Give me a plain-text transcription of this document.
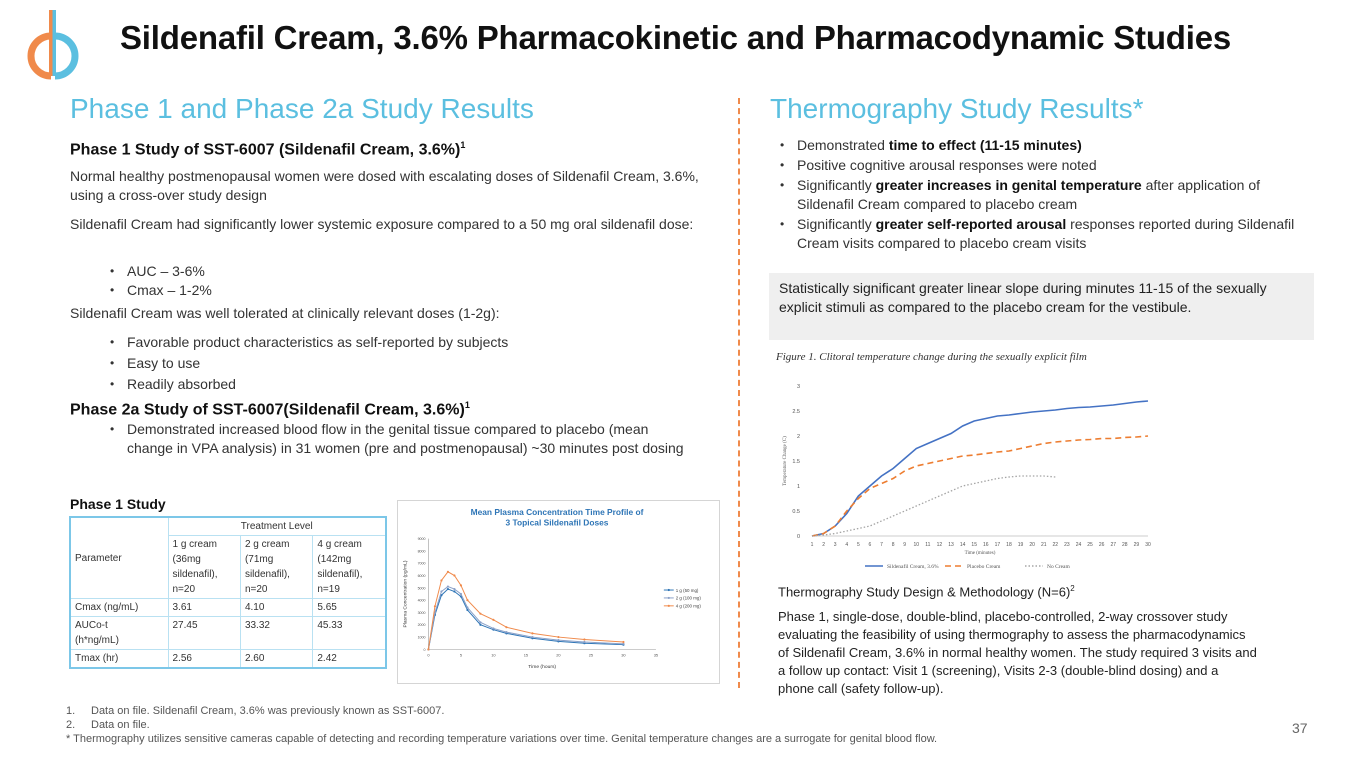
Sildenafil Cream, 3.6% Pharmacokinetic and Pharmacodynamic Studies
Phase 1 and Phase 2a Study Results	Thermography Study Results*
Phase 1 Study of SST-6007 (Sildenafil Cream, 3.6%)$^1$
Normal healthy postmenopausal women were dosed with escalating doses of Sildenafil Cream, 3.6%, using a cross-over study design
Sildenafil Cream had significantly lower systemic exposure compared to a 50 mg oral sildenafil dose:
• AUC – 3-6%
• Cmax – 1-2%
Sildenafil Cream was well tolerated at clinically relevant doses (1-2g):
• Favorable product characteristics as self-reported by subjects
• Easy to use
• Readily absorbed
Phase 2a Study of SST-6007(Sildenafil Cream, 3.6%)$^1$
• Demonstrated increased blood flow in the genital tissue compared to placebo (mean change in VPA analysis) in 31 women (pre and postmenopausal) ~30 minutes post dosing
Phase 1 Study
Parameter	Treatment Level		
	1 g cream
(36mg
sildenafil),
n=20	2 g cream
(71mg
sildenafil),
n=20	4 g cream
(142mg
sildenafil),
n=19
Cmax (ng/mL)	3.61	4.10	5.65
AUCo-t
(h*ng/mL)	27.45	33.32	45.33
Tmax (hr)	2.56	2.60	2.42
Mean Plasma Concentration Time Profile of
3 Topical Sildenafil Doses
0
1000
2000
3000
4000
5000
6000
7000
8000
9000
0	5	10	15	20	25	30	35
Time (hours)
Plasma Concentration (pg/mL)	1 g (50 mg)
2 g (100 mg)
4 g (200 mg)
• Demonstrated time to effect (11-15 minutes)
• Positive cognitive arousal responses were noted
• Significantly greater increases in genital temperature after application of Sildenafil Cream compared to placebo cream
• Significantly greater self-reported arousal responses reported during Sildenafil Cream visits compared to placebo cream visits
Statistically significant greater linear slope during minutes 11-15 of the sexually explicit stimuli as compared to the placebo cream for the vestibule.
Figure 1. Clitoral temperature change during the sexually explicit film
0
0.5
1
1.5
2
2.5
3
1 2 3 4 5 6 7 8 9 10 11 12 13 14 15 16 17 18 19 20 21 22 23 24 25 26 27 28 29 30
Time (minutes)
Temperature Change (C)
Sildenafil Cream, 3.6%	Placebo Cream	No Cream
Thermography Study Design & Methodology (N=6)$^2$
Phase 1, single-dose, double-blind, placebo-controlled, 2-way crossover study evaluating the feasibility of using thermography to assess the pharmacodynamics of Sildenafil Cream, 3.6% in normal healthy women. The study required 3 visits and a follow up contact: Visit 1 (screening), Visits 2-3 (double-blind dosing) and a phone call (safety follow-up).
1. Data on file. Sildenafil Cream, 3.6% was previously known as SST-6007.
2. Data on file.
* Thermography utilizes sensitive cameras capable of detecting and recording temperature variations over time. Genital temperature changes are a surrogate for genital blood flow.
37
